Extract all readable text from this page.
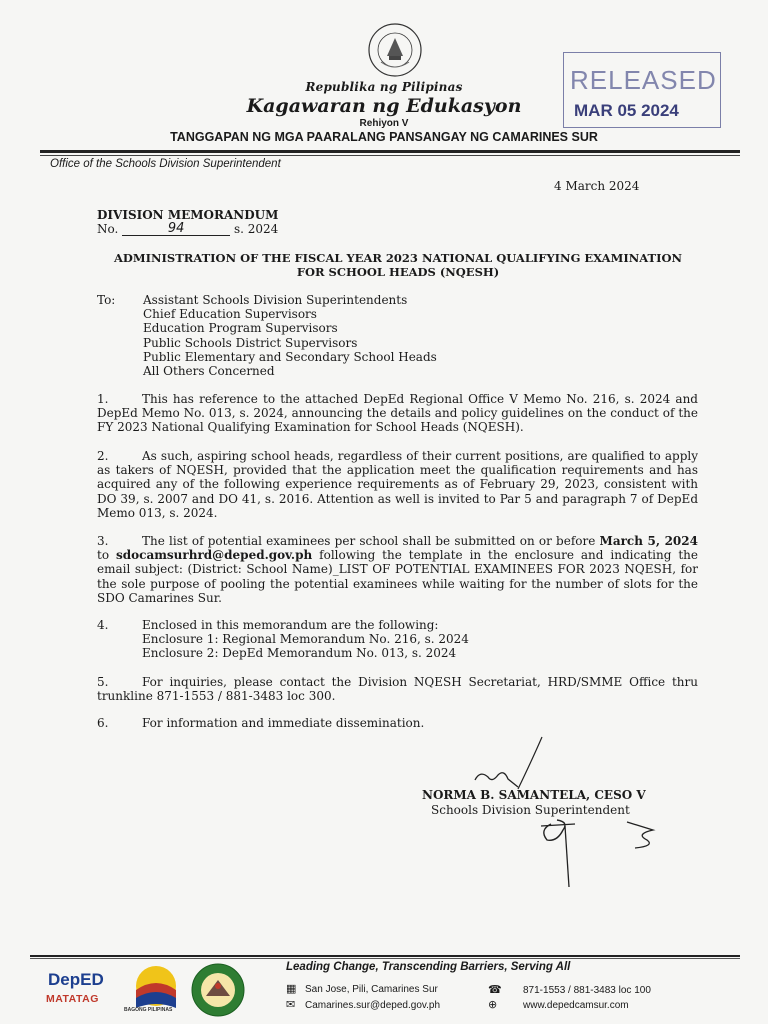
Republika ng Pilipinas
Kagawaran ng Edukasyon
Rehiyon V
TANGGAPAN NG MGA PAARALANG PANSANGAY NG CAMARINES SUR
RELEASED
MAR 05 2024
Office of the Schools Division Superintendent
4 March 2024
DIVISION MEMORANDUM
No.	94	s. 2024
ADMINISTRATION OF THE FISCAL YEAR 2023 NATIONAL QUALIFYING EXAMINATION FOR SCHOOL HEADS (NQESH)
To: Assistant Schools Division Superintendents
Chief Education Supervisors
Education Program Supervisors
Public Schools District Supervisors
Public Elementary and Secondary School Heads
All Others Concerned
1.	This has reference to the attached DepEd Regional Office V Memo No. 216, s. 2024 and DepEd Memo No. 013, s. 2024, announcing the details and policy guidelines on the conduct of the FY 2023 National Qualifying Examination for School Heads (NQESH).
2.	As such, aspiring school heads, regardless of their current positions, are qualified to apply as takers of NQESH, provided that the application meet the qualification requirements and has acquired any of the following experience requirements as of February 29, 2023, consistent with DO 39, s. 2007 and DO 41, s. 2016. Attention as well is invited to Par 5 and paragraph 7 of DepEd Memo 013, s. 2024.
3.	The list of potential examinees per school shall be submitted on or before March 5, 2024 to sdocamsurhrd@deped.gov.ph following the template in the enclosure and indicating the email subject: (District: School Name)_LIST OF POTENTIAL EXAMINEES FOR 2023 NQESH, for the sole purpose of pooling the potential examinees while waiting for the number of slots for the SDO Camarines Sur.
4.	Enclosed in this memorandum are the following:
Enclosure 1: Regional Memorandum No. 216, s. 2024
Enclosure 2: DepEd Memorandum No. 013, s. 2024
5.	For inquiries, please contact the Division NQESH Secretariat, HRD/SMME Office thru trunkline 871-1553 / 881-3483 loc 300.
6.	For information and immediate dissemination.
NORMA B. SAMANTELA, CESO V
Schools Division Superintendent
DepED
MATATAG
BAGONG PILIPINAS
Leading Change, Transcending Barriers, Serving All
▦ San Jose, Pili, Camarines Sur
✉ Camarines.sur@deped.gov.ph
☎ 871-1553 / 881-3483 loc 100
⊕	www.depedcamsur.com
